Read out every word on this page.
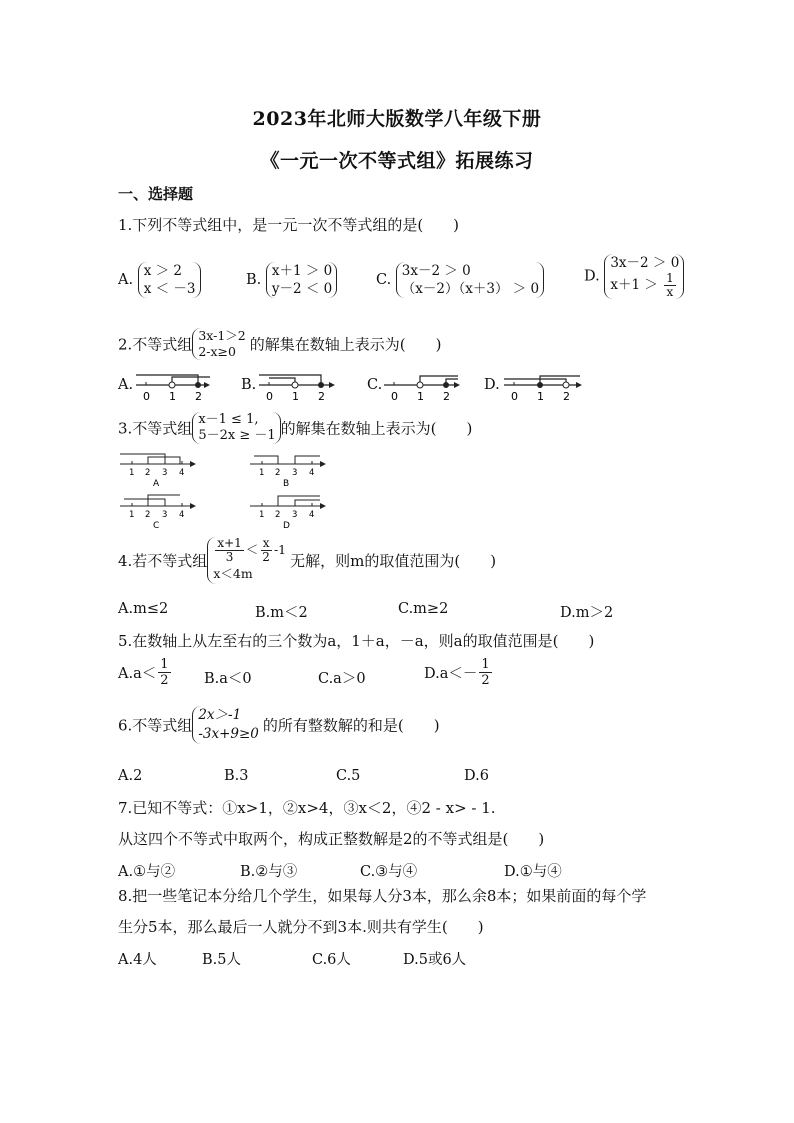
2023年北师大版数学八年级下册
《一元一次不等式组》拓展练习
一、选择题
1.下列不等式组中，是一元一次不等式组的是(　　)
A.
x ＞ 2
x ＜ －3
B.
x＋1 ＞ 0
y－2 ＜ 0
C.
3x－2 ＞ 0
（x－2）（x＋3） ＞ 0
D.
3x－2 ＞ 0
$x+1 > \frac{1}{x}$
2.不等式组 3x-1＞2
2-x≥0 的解集在数轴上表示为(　　)
A.	B.	C.	D.
0 1 2	0 1 2	0 1 2	0 1 2
3.不等式组 x－1 ≤ 1,
5－2x ≥ －1 的解集在数轴上表示为(　　)
1 2 3 4
A
1 2 3 4
B
1 2 3 4
C
1 2 3 4
D
4.若不等式组 $\frac{x+1}{3} < \frac{x}{2} -1$
x＜4m
无解，则m的取值范围为(　　)
A.m≤2	B.m＜2	C.m≥2	D.m＞2
5.在数轴上从左至右的三个数为a，1＋a，－a，则a的取值范围是(　　)
$A.a< \frac{1}{2} B.a<0$	C.a＞0	$D.a<- \frac{1}{2}$
6.不等式组
2x＞-1
-3x+9≥0 的所有整数解的和是(　　)
A.2	B.3	C.5	D.6
7.已知不等式：①x>1，②x>4，③x＜2，④2 - x> - 1.
从这四个不等式中取两个，构成正整数解是2的不等式组是(　　)
A.①与②	B.②与③	C.③与④	D.①与④
8.把一些笔记本分给几个学生，如果每人分3本，那么余8本；如果前面的每个学
生分5本，那么最后一人就分不到3本.则共有学生(　　)
A.4人	B.5人	C.6人	D.5或6人
